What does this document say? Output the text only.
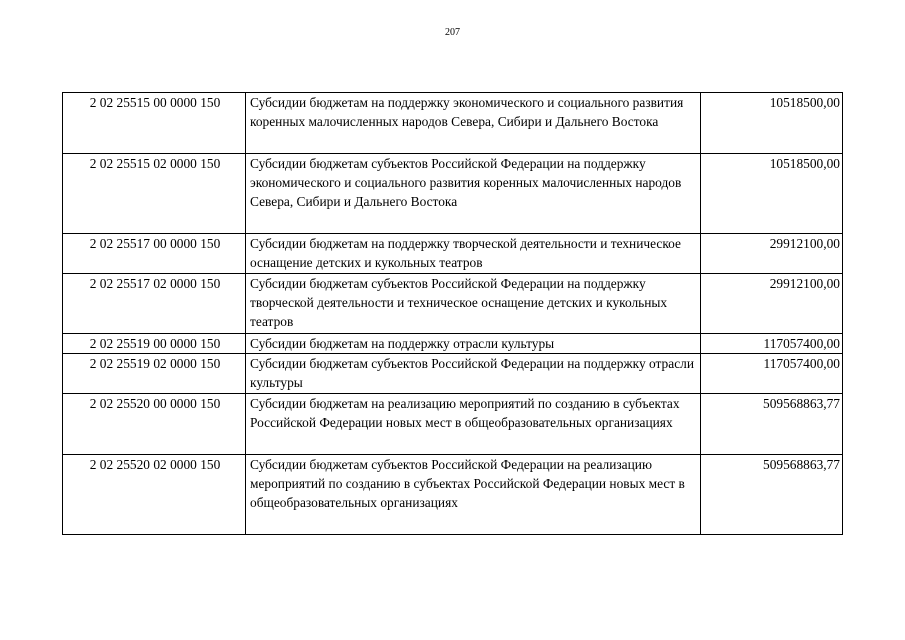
207
2 02 25515 00 0000 150	Субсидии бюджетам на поддержку экономического и социального развития коренных малочисленных народов Севера, Сибири и Дальнего Востока	10518500,00
2 02 25515 02 0000 150	Субсидии бюджетам субъектов Российской Федерации на поддержку экономического и социального развития коренных малочисленных народов Севера, Сибири и Дальнего Востока	10518500,00
2 02 25517 00 0000 150	Субсидии бюджетам на поддержку творческой деятельности и техническое оснащение детских и кукольных театров	29912100,00
2 02 25517 02 0000 150	Субсидии бюджетам субъектов Российской Федерации на поддержку творческой деятельности и техническое оснащение детских и кукольных театров	29912100,00
2 02 25519 00 0000 150	Субсидии бюджетам на поддержку отрасли культуры	117057400,00
2 02 25519 02 0000 150	Субсидии бюджетам субъектов Российской Федерации на поддержку отрасли культуры	117057400,00
2 02 25520 00 0000 150	Субсидии бюджетам на реализацию мероприятий по созданию в субъектах Российской Федерации новых мест в общеобразовательных организациях	509568863,77
2 02 25520 02 0000 150	Субсидии бюджетам субъектов Российской Федерации на реализацию мероприятий по созданию в субъектах Российской Федерации новых мест в общеобразовательных организациях	509568863,77
